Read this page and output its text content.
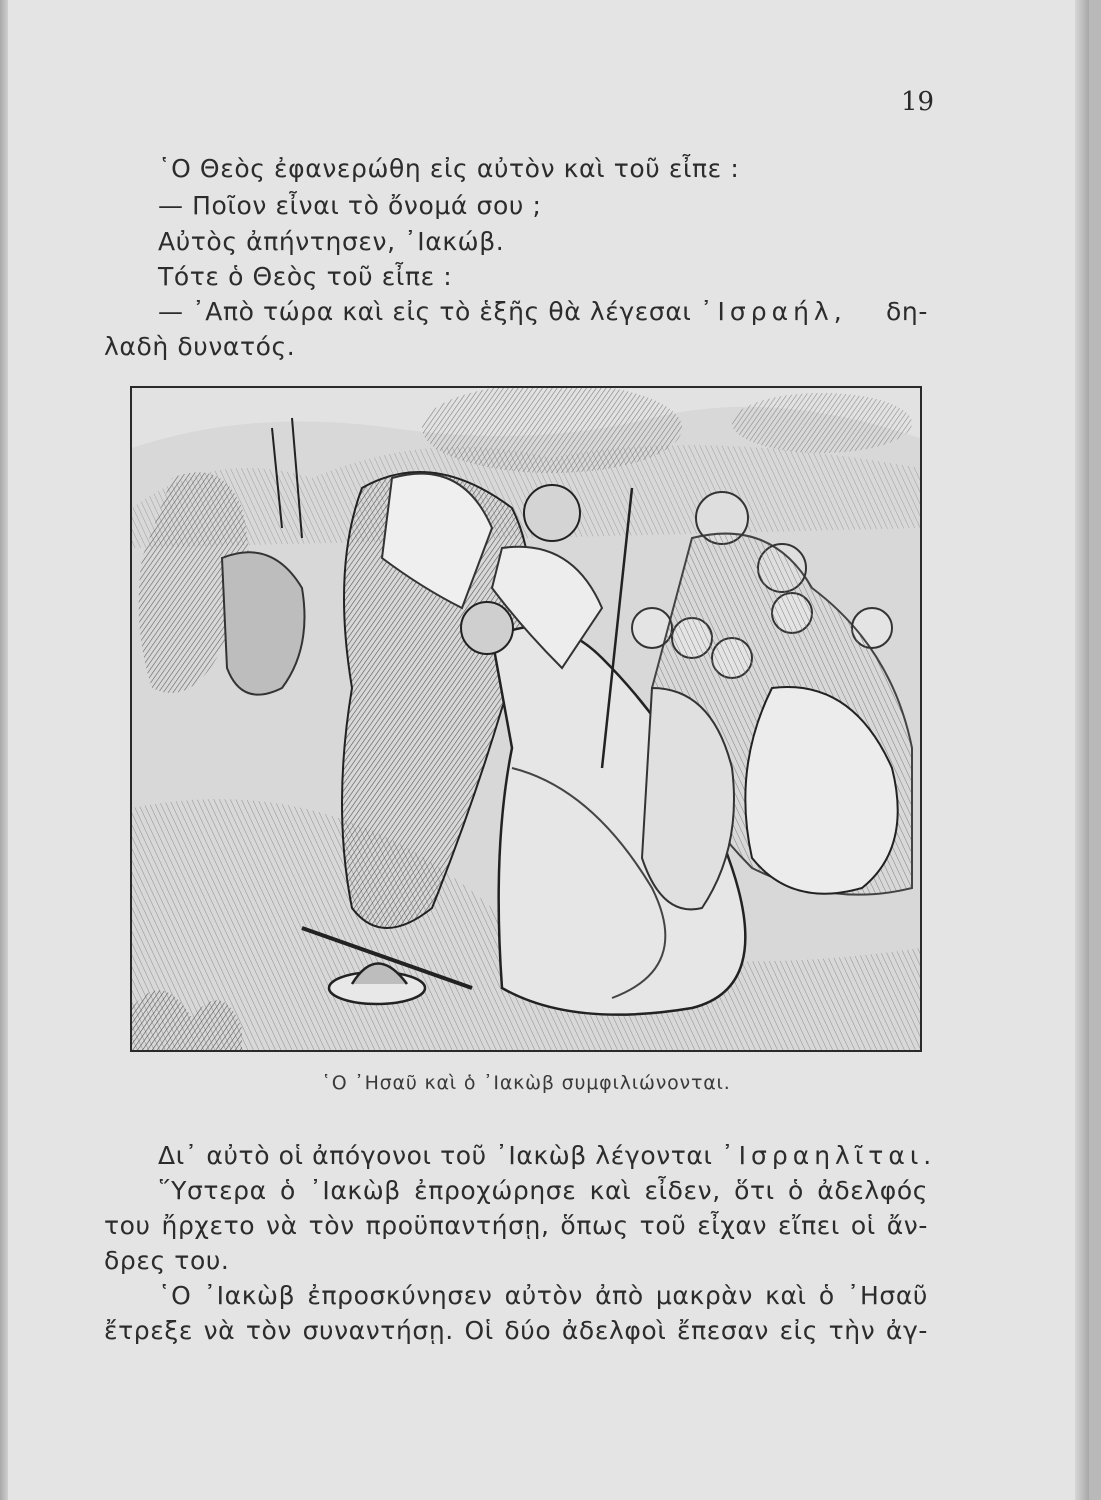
19
῾Ο Θεὸς ἐφανερώθη εἰς αὐτὸν καὶ τοῦ εἶπε :
— Ποῖον εἶναι τὸ ὄνομά σου ;
Αὐτὸς ἀπήντησεν, ᾿Ιακώβ.
Τότε ὁ Θεὸς τοῦ εἶπε :
— ᾿Απὸ τώρα καὶ εἰς τὸ ἑξῆς θὰ λέγεσαι ᾿Ισραήλ, δη-
λαδὴ δυνατός.
῾Ο ᾿Ησαῦ καὶ ὁ ᾿Ιακὼβ συμφιλιώνονται.
Δι᾿ αὐτὸ οἱ ἀπόγονοι τοῦ ᾿Ιακὼβ λέγονται ᾿Ισραηλῖται.
῞Υστερα ὁ ᾿Ιακὼβ ἐπροχώρησε καὶ εἶδεν, ὅτι ὁ ἀδελφός
του ἤρχετο νὰ τὸν προϋπαντήσῃ, ὅπως τοῦ εἶχαν εἴπει οἱ ἄν-
δρες του.
῾Ο ᾿Ιακὼβ ἐπροσκύνησεν αὐτὸν ἀπὸ μακρὰν καὶ ὁ ᾿Ησαῦ
ἔτρεξε νὰ τὸν συναντήσῃ. Οἱ δύο ἀδελφοὶ ἔπεσαν εἰς τὴν ἀγ-
